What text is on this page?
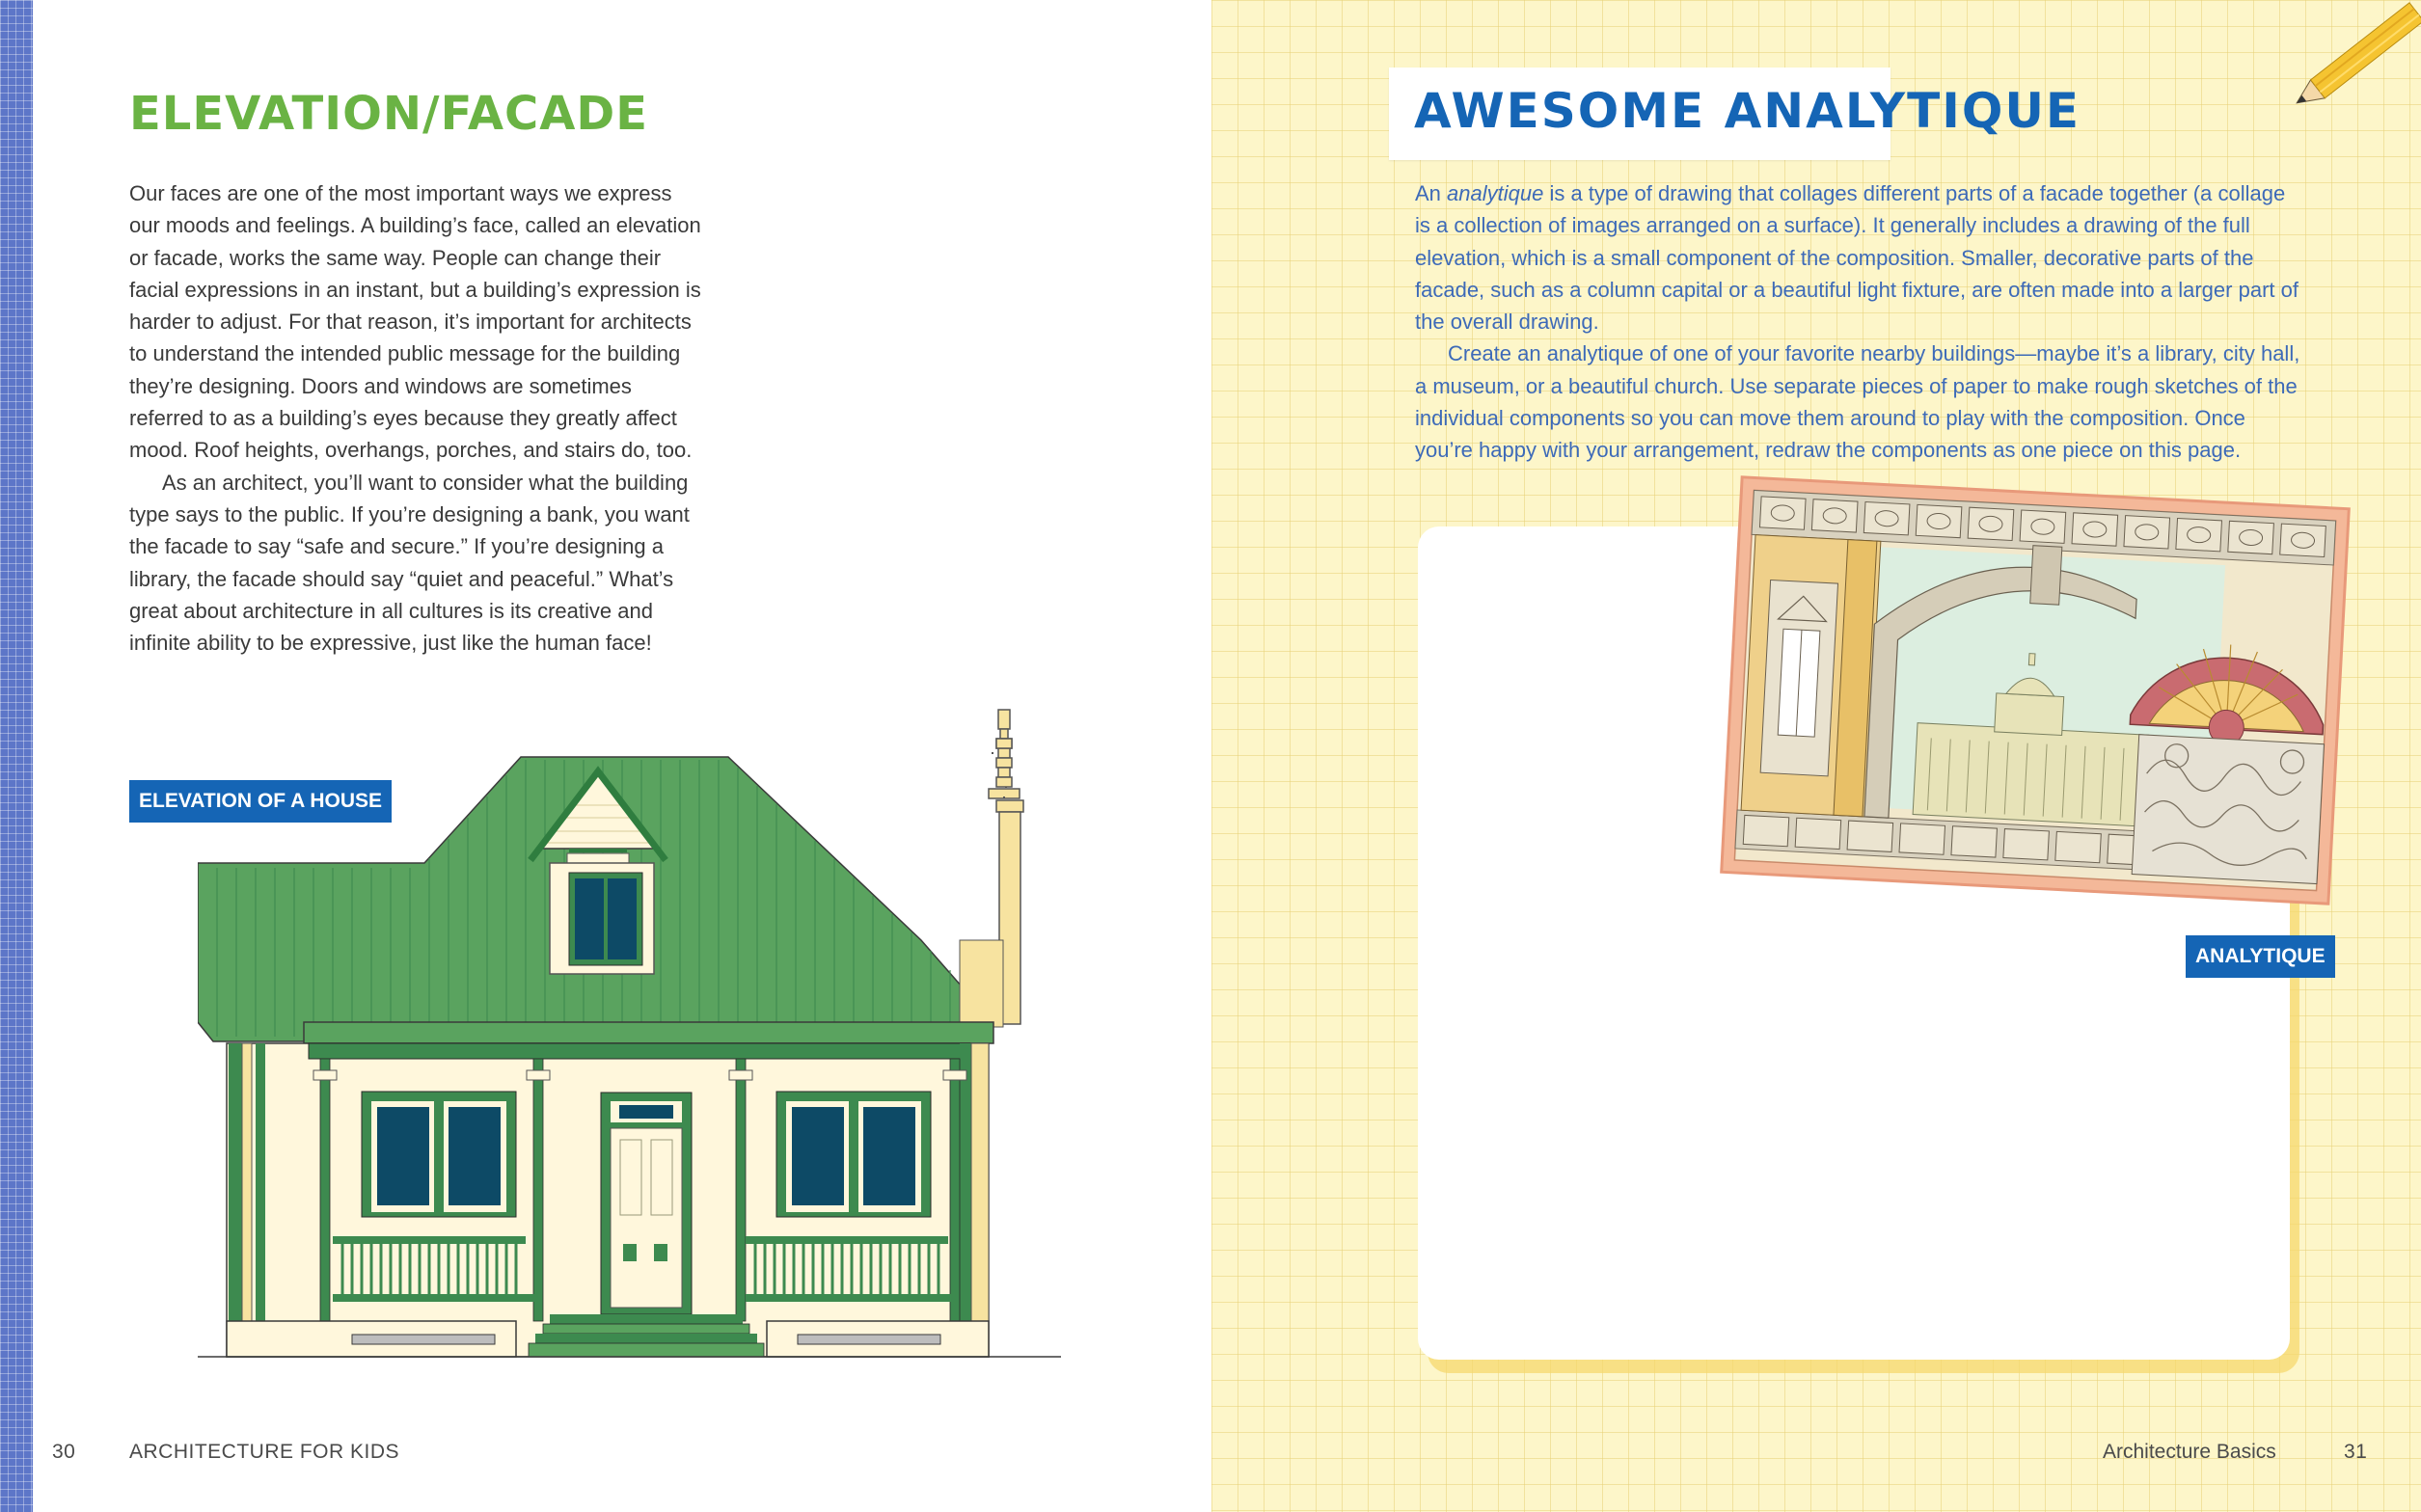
ELEVATION/FACADE

Our faces are one of the most important ways we express our moods and feelings. A building’s face, called an elevation or facade, works the same way. People can change their facial expressions in an instant, but a building’s expression is harder to adjust. For that reason, it’s important for architects to understand the intended public message for the building they’re designing. Doors and windows are sometimes referred to as a building’s eyes because they greatly affect mood. Roof heights, overhangs, porches, and stairs do, too.

As an architect, you’ll want to consider what the building type says to the public. If you’re designing a bank, you want the facade to say “safe and secure.” If you’re designing a library, the facade should say “quiet and peaceful.” What’s great about architecture in all cultures is its creative and infinite ability to be expressive, just like the human face!

ELEVATION OF A HOUSE
30	ARCHITECTURE FOR KIDS
AWESOME ANALYTIQUE

An analytique is a type of drawing that collages different parts of a facade together (a collage is a collection of images arranged on a surface). It generally includes a drawing of the full elevation, which is a small component of the composition. Smaller, decorative parts of the facade, such as a column capital or a beautiful light fixture, are often made into a larger part of the overall drawing.

Create an analytique of one of your favorite nearby buildings—maybe it’s a library, city hall, a museum, or a beautiful church. Use separate pieces of paper to make rough sketches of the individual components so you can move them around to play with the composition. Once you’re happy with your arrangement, redraw the components as one piece on this page.

ANALYTIQUE
Architecture Basics	31
